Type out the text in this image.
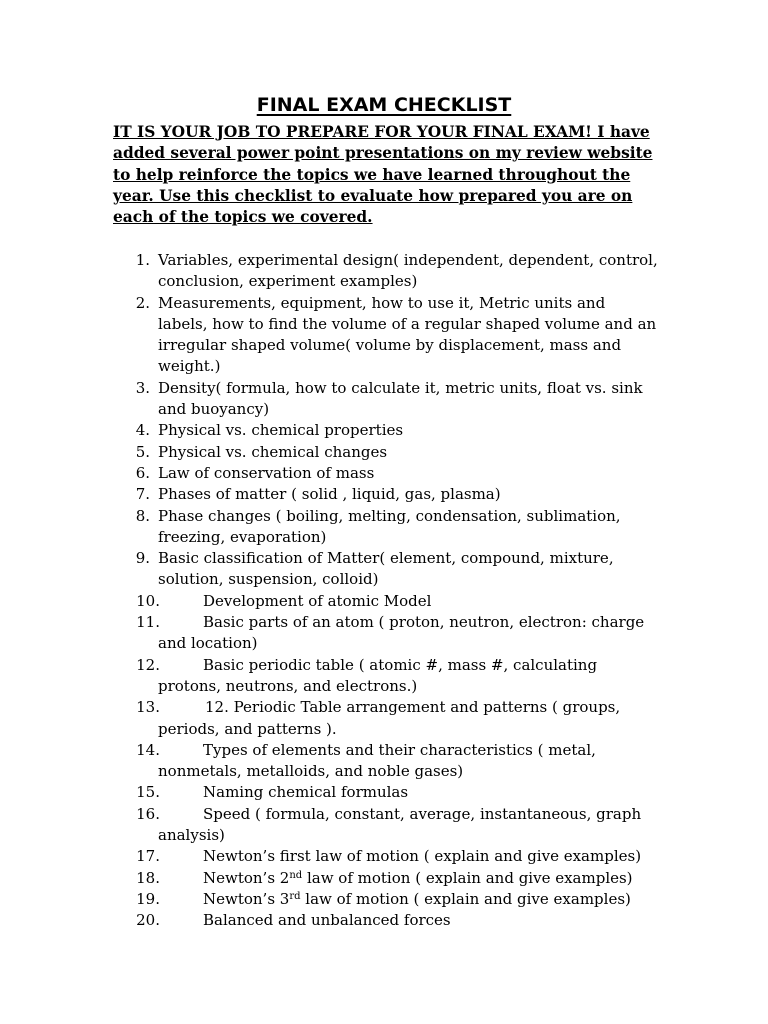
FINAL EXAM CHECKLIST

IT IS YOUR JOB TO PREPARE FOR YOUR FINAL EXAM! I have added several power point presentations on my review website to help reinforce the topics we have learned throughout the year. Use this checklist to evaluate how prepared you are on each of the topics we covered.

1. Variables, experimental design( independent, dependent, control, conclusion, experiment examples)
2. Measurements, equipment, how to use it, Metric units and labels, how to find the volume of a regular shaped volume and an irregular shaped volume( volume by displacement, mass and weight.)
3. Density( formula, how to calculate it, metric units, float vs. sink and buoyancy)
4. Physical vs. chemical properties
5. Physical vs. chemical changes
6. Law of conservation of mass
7. Phases of matter ( solid , liquid, gas, plasma)
8. Phase changes ( boiling, melting, condensation, sublimation, freezing, evaporation)
9. Basic classification of Matter( element, compound, mixture, solution, suspension, colloid)
10.	Development of atomic Model
11.	Basic parts of an atom ( proton, neutron, electron: charge and location)
12.	Basic periodic table ( atomic #, mass #, calculating protons, neutrons, and electrons.)
13.	12. Periodic Table arrangement and patterns ( groups, periods, and patterns ).
14.	Types of elements and their characteristics ( metal, nonmetals, metalloids, and noble gases)
15.	Naming chemical formulas
16.	Speed ( formula, constant, average, instantaneous, graph analysis)
17.	Newton’s first law of motion ( explain and give examples)
18.	Newton’s 2nd law of motion ( explain and give examples)
19.	Newton’s 3rd law of motion ( explain and give examples)
20.	Balanced and unbalanced forces
